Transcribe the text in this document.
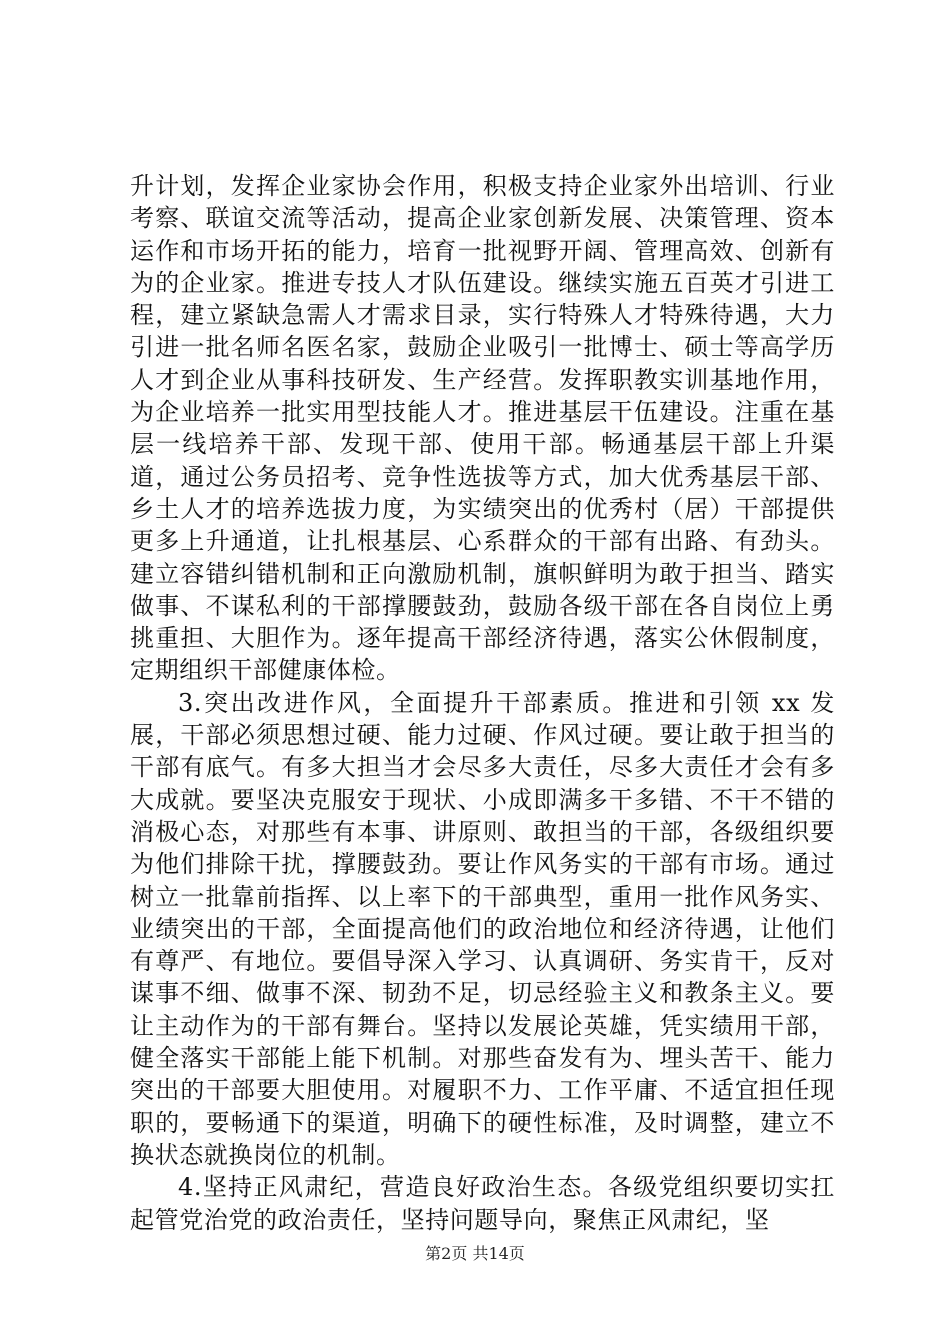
升计划，发挥企业家协会作用，积极支持企业家外出培训、行业考察、联谊交流等活动，提高企业家创新发展、决策管理、资本运作和市场开拓的能力，培育一批视野开阔、管理高效、创新有为的企业家。推进专技人才队伍建设。继续实施五百英才引进工程，建立紧缺急需人才需求目录，实行特殊人才特殊待遇，大力引进一批名师名医名家，鼓励企业吸引一批博士、硕士等高学历人才到企业从事科技研发、生产经营。发挥职教实训基地作用，为企业培养一批实用型技能人才。推进基层干伍建设。注重在基层一线培养干部、发现干部、使用干部。畅通基层干部上升渠道，通过公务员招考、竞争性选拔等方式，加大优秀基层干部、乡土人才的培养选拔力度，为实绩突出的优秀村（居）干部提供更多上升通道，让扎根基层、心系群众的干部有出路、有劲头。建立容错纠错机制和正向激励机制，旗帜鲜明为敢于担当、踏实做事、不谋私利的干部撑腰鼓劲，鼓励各级干部在各自岗位上勇挑重担、大胆作为。逐年提高干部经济待遇，落实公休假制度，定期组织干部健康体检。

3.突出改进作风，全面提升干部素质。推进和引领 xx 发展，干部必须思想过硬、能力过硬、作风过硬。要让敢于担当的干部有底气。有多大担当才会尽多大责任，尽多大责任才会有多大成就。要坚决克服安于现状、小成即满多干多错、不干不错的消极心态，对那些有本事、讲原则、敢担当的干部，各级组织要为他们排除干扰，撑腰鼓劲。要让作风务实的干部有市场。通过树立一批靠前指挥、以上率下的干部典型，重用一批作风务实、业绩突出的干部，全面提高他们的政治地位和经济待遇，让他们有尊严、有地位。要倡导深入学习、认真调研、务实肯干，反对谋事不细、做事不深、韧劲不足，切忌经验主义和教条主义。要让主动作为的干部有舞台。坚持以发展论英雄，凭实绩用干部，健全落实干部能上能下机制。对那些奋发有为、埋头苦干、能力突出的干部要大胆使用。对履职不力、工作平庸、不适宜担任现职的，要畅通下的渠道，明确下的硬性标准，及时调整，建立不换状态就换岗位的机制。

4.坚持正风肃纪，营造良好政治生态。各级党组织要切实扛起管党治党的政治责任，坚持问题导向，聚焦正风肃纪，坚

第2页 共14页
